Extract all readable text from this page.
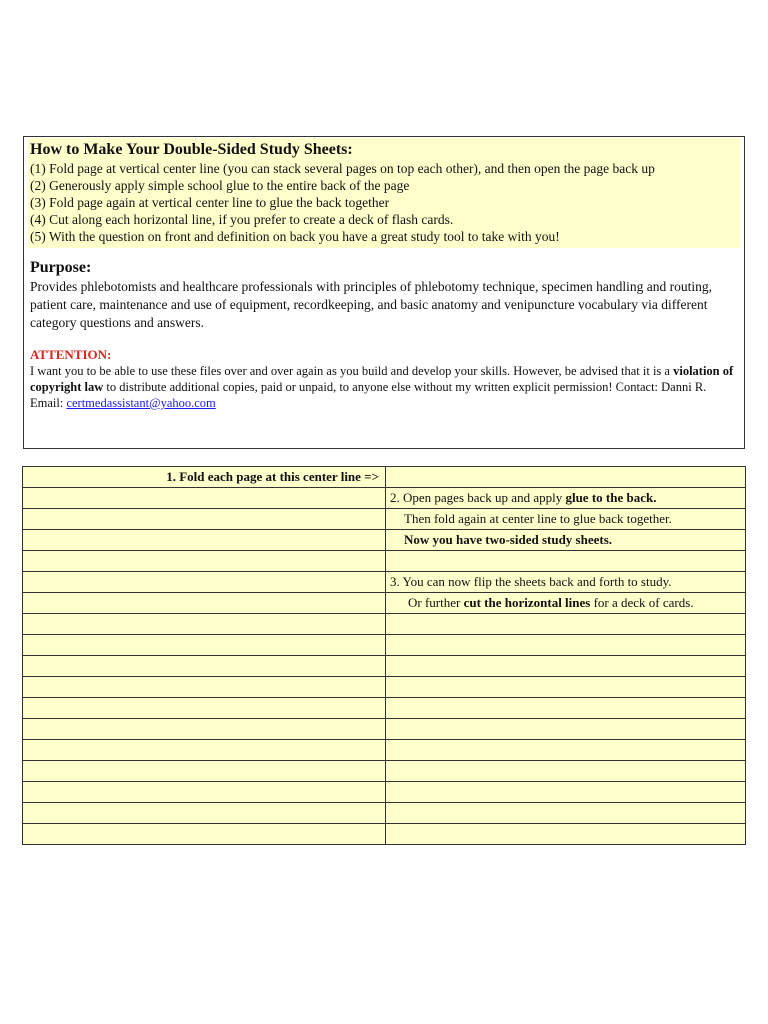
How to Make Your Double-Sided Study Sheets:
(1) Fold page at vertical center line (you can stack several pages on top each other), and then open the page back up
(2) Generously apply simple school glue to the entire back of the page
(3) Fold page again at vertical center line to glue the back together
(4) Cut along each horizontal line, if you prefer to create a deck of flash cards.
(5) With the question on front and definition on back you have a great study tool to take with you!
Purpose:

Provides phlebotomists and healthcare professionals with principles of phlebotomy technique, specimen handling and routing, patient care, maintenance and use of equipment, recordkeeping, and basic anatomy and venipuncture vocabulary via different category questions and answers.

ATTENTION:

I want you to be able to use these files over and over again as you build and develop your skills. However, be advised that it is a violation of copyright law to distribute additional copies, paid or unpaid, to anyone else without my written explicit permission! Contact: Danni R. Email: certmedassistant@yahoo.com

1. Fold each page at this center line =>	
	2. Open pages back up and apply glue to the back.
	Then fold again at center line to glue back together.
	Now you have two-sided study sheets.

	3. You can now flip the sheets back and forth to study.
	Or further cut the horizontal lines for a deck of cards.
